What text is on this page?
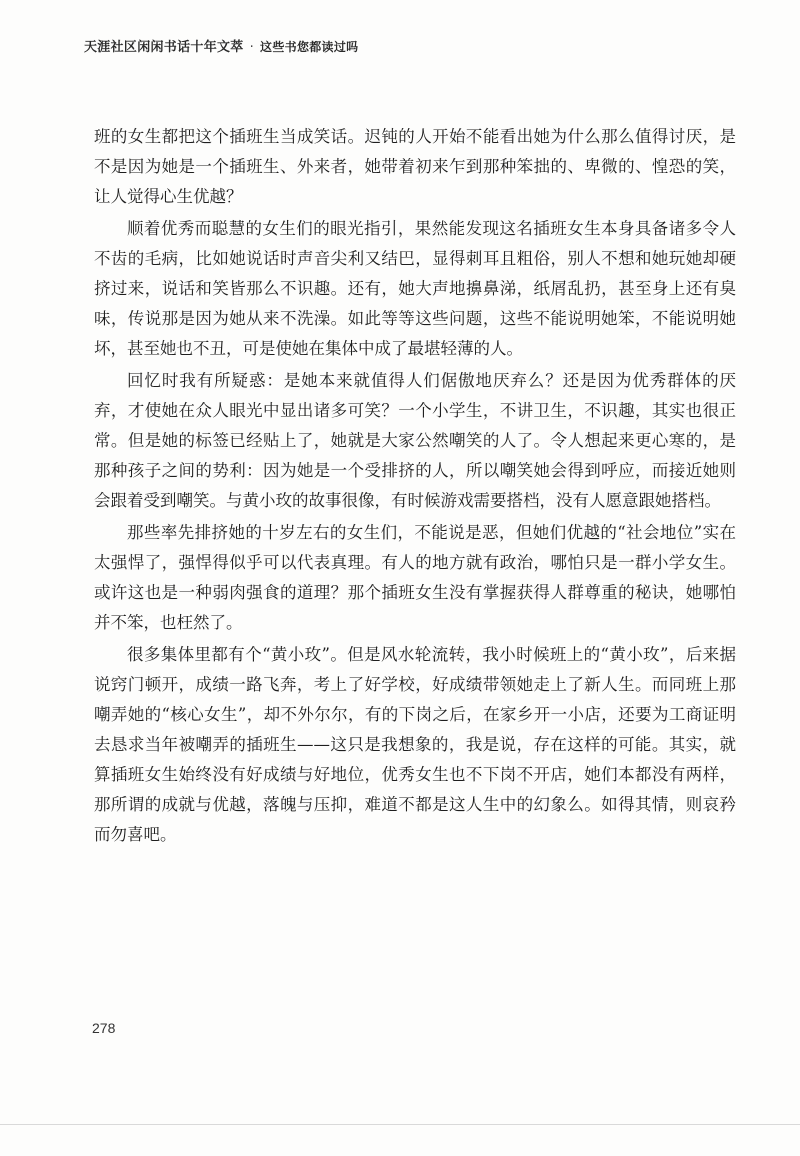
天涯社区闲闲书话十年文萃 · 这些书您都读过吗

班的女生都把这个插班生当成笑话。迟钝的人开始不能看出她为什么那么值得讨厌，是不是因为她是一个插班生、外来者，她带着初来乍到那种笨拙的、卑微的、惶恐的笑，让人觉得心生优越？

顺着优秀而聪慧的女生们的眼光指引，果然能发现这名插班女生本身具备诸多令人不齿的毛病，比如她说话时声音尖利又结巴，显得刺耳且粗俗，别人不想和她玩她却硬挤过来，说话和笑皆那么不识趣。还有，她大声地擤鼻涕，纸屑乱扔，甚至身上还有臭味，传说那是因为她从来不洗澡。如此等等这些问题，这些不能说明她笨，不能说明她坏，甚至她也不丑，可是使她在集体中成了最堪轻薄的人。

回忆时我有所疑惑：是她本来就值得人们倨傲地厌弃么？还是因为优秀群体的厌弃，才使她在众人眼光中显出诸多可笑？一个小学生，不讲卫生，不识趣，其实也很正常。但是她的标签已经贴上了，她就是大家公然嘲笑的人了。令人想起来更心寒的，是那种孩子之间的势利：因为她是一个受排挤的人，所以嘲笑她会得到呼应，而接近她则会跟着受到嘲笑。与黄小玫的故事很像，有时候游戏需要搭档，没有人愿意跟她搭档。

那些率先排挤她的十岁左右的女生们，不能说是恶，但她们优越的“社会地位”实在太强悍了，强悍得似乎可以代表真理。有人的地方就有政治，哪怕只是一群小学女生。或许这也是一种弱肉强食的道理？那个插班女生没有掌握获得人群尊重的秘诀，她哪怕并不笨，也枉然了。

很多集体里都有个“黄小玫”。但是风水轮流转，我小时候班上的“黄小玫”，后来据说窍门顿开，成绩一路飞奔，考上了好学校，好成绩带领她走上了新人生。而同班上那嘲弄她的“核心女生”，却不外尔尔，有的下岗之后，在家乡开一小店，还要为工商证明去恳求当年被嘲弄的插班生——这只是我想象的，我是说，存在这样的可能。其实，就算插班女生始终没有好成绩与好地位，优秀女生也不下岗不开店，她们本都没有两样，那所谓的成就与优越，落魄与压抑，难道不都是这人生中的幻象么。如得其情，则哀矜而勿喜吧。

278
